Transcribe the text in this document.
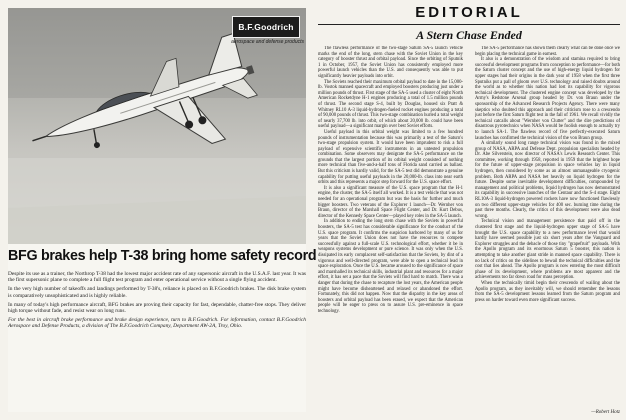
B.F.Goodrich
aerospace and defense products
BFG brakes help T-38 bring home safety record

Despite its use as a trainer, the Northrop T-38 had the lowest major accident rate of any supersonic aircraft in the U.S.A.F. last year. It was the first supersonic plane to complete a full flight test program and enter operational service without a single flying accident.

In the very high number of takeoffs and landings performed by T-38's, reliance is placed on B.F.Goodrich brakes. The disk brake system is comparatively unsophisticated and is highly reliable.

In many of today's high performance aircraft, BFG brakes are proving their capacity for fast, dependable, chatter-free stops. They deliver high torque without fade, and resist wear on long runs.

For the best in aircraft brake performance and brake design experience, turn to B.F.Goodrich. For information, contact B.F.Goodrich Aerospace and Defense Products, a division of The B.F.Goodrich Company, Department AW-2A, Troy, Ohio.

EDITORIAL
A Stern Chase Ended

The flawless performance of the two-stage Saturn SA-5 launch vehicle marks the end of the long, stern chase with the Soviet Union in the key category of booster thrust and orbital payload. Since the orbiting of Sputnik 1 in October, 1957, the Soviet Union has consistently employed more powerful launch vehicles than the U.S. and consequently was able to put significantly heavier payloads into orbit.

The Soviets reached their maximum orbital payload to date in the 15,000-lb. Vostok manned spacecraft and employed boosters producing just under a million pounds of thrust. First stage of the SA-5 used a cluster of eight North American Rocketdyne H-1 engines producing a total of 1.5 million pounds of thrust. The second stage S-4, built by Douglas, housed six Pratt & Whitney RL10 A-3 liquid-hydrogen-fueled rocket engines producing a total of 90,000 pounds of thrust. This two-stage combination hurled a total weight of nearly 37,700 lb. into orbit, of which about 20,000 lb. could have been useful payload—a significant margin over best Soviet efforts.

Useful payload in this orbital weight was limited to a few hundred pounds of instrumentation because this was primarily a test of the Saturn's two-stage propulsion system. It would have been imprudent to risk a full payload of expensive scientific instruments in an untested propulsion combination. Some observers may denigrate the SA-5 performance on the grounds that the largest portion of its orbital weight consisted of nothing more technical than five-and-a-half tons of Florida sand carried as ballast. But this criticism is hardly valid, for the SA-5 test did demonstrate a genuine capability for putting useful payloads in the 20,000-lb. class into near earth orbits and this represents a major step forward for the U.S. space effort.

It is also a significant measure of the U.S. space program that the H-1 engine, the cluster, the SA-5 itself all worked. It is a test vehicle that was not needed for an operational program but was the basis for further and much bigger boosters. Two veterans of the Explorer 1 launch—Dr. Wernher von Braun, director of the Marshall Space Flight Center, and Dr. Kurt Debus, director of the Kennedy Space Center—played key roles in the SA-5 launch.

In addition to ending the long stern chase with the Soviets in powerful boosters, the SA-5 test has considerable significance for the conduct of the U.S. space program. It confirms the suspicion harbored by many of us for years that the Soviet Union does not have the resources to compete successfully against a full-scale U.S. technological effort, whether it be in weapons systems development or pure science. It was only when the U.S. dissipated its early complacent self-satisfaction that the Soviets, by dint of a vigorous and well-directed program, were able to open a technical lead in space exploration. Once the U.S. became aroused to the significance of space and marshalled its technical skills, industrial plant and resources for a major effort, it has set a pace that the Soviets will find hard to match. There was a danger that during the chase to recapture the lost years, the American people might have become disheartened and relaxed or abandoned the effort. Fortunately, this did not happen. Now that the disparity in the key areas of boosters and orbital payload has been erased, we expect that the American people will be eager to press on to assure U.S. pre-eminence in space technology.

The SA-5 performance has shown them clearly what can be done once we begin placing the technical game in earnest.

It also is a demonstration of the wisdom and stamina required to bring successful development programs from conception to performance—for both the Saturn cluster concept and the use of high-energy liquid hydrogen for upper stages had their origins in the dark year of 1958 when the first three Sputniks put a pall of gloom over U.S. technology and raised doubts around the world as to whether this nation had lost its capability for vigorous technical development. The clustered engine concept was developed by the Army's Redstone Arsenal group headed by Dr. von Braun under the sponsorship of the Advanced Research Projects Agency. There were many skeptics who doubted this approach and their criticism rose to a crescendo just before the first Saturn flight test in the fall of 1961. We recall vividly the technical catcalls about "Wernher von Clutter" and the dire predictions of disastrous pyrotechnics when NASA would be foolish enough to actually try to launch SA-1. The flawless record of five perfectly-executed Saturn launches has confirmed the technical vision of the von Braun group.

A similarly sound long range technical vision was found in the mixed group of NASA, ARPA and Defense Dept. propulsion specialists headed by Dr. Abe Silverstein, now director of NASA's Lewis Research Center. This committee, working through 1958, reported in 1959 that the brightest hope for the future of upper-stage propulsion in space vehicles lay in liquid hydrogen, then considered by some as an almost unmanageable cryogenic problem. Both ARPA and NASA bet heavily on liquid hydrogen for the future. Despite some inevitable development difficulties, compounded by management and political problems, liquid hydrogen has now demonstrated its capability in successive launches of the Centaur and the S-4 stage. Eight RL10A-3 liquid-hydrogen powered rockets have now functioned flawlessly on two different upper-stage vehicles for 400 sec. burning time during the past three months. Clearly, the critics of this development were also dead wrong.

Technical vision and management persistence that paid off in the clustered first stage and the liquid-hydrogen upper stage of SA-5 have brought the U.S. space capability to a new performance level that would hardly have seemed possible just six short years after the Vanguard and Explorer struggles and the debacle of those tiny "grapefruit" payloads. With the Apollo program and its enormous Saturn 5 booster, this nation is attempting to take another giant stride in manned space capability. There is no lack of critics on the sidelines to bewail the technical difficulties and the cost that lies ahead. The Apollo program is now entering the most difficult phase of its development, where problems are most apparent and the achievements too far down road for mass perception.

When the technically timid begin their crescendo of wailing about the Apollo program, as they inevitably will, we should remember the lessons from the SA-5 development lessons learned from the Saturn program and press on harder toward even more significant success.

—Robert Hotz
